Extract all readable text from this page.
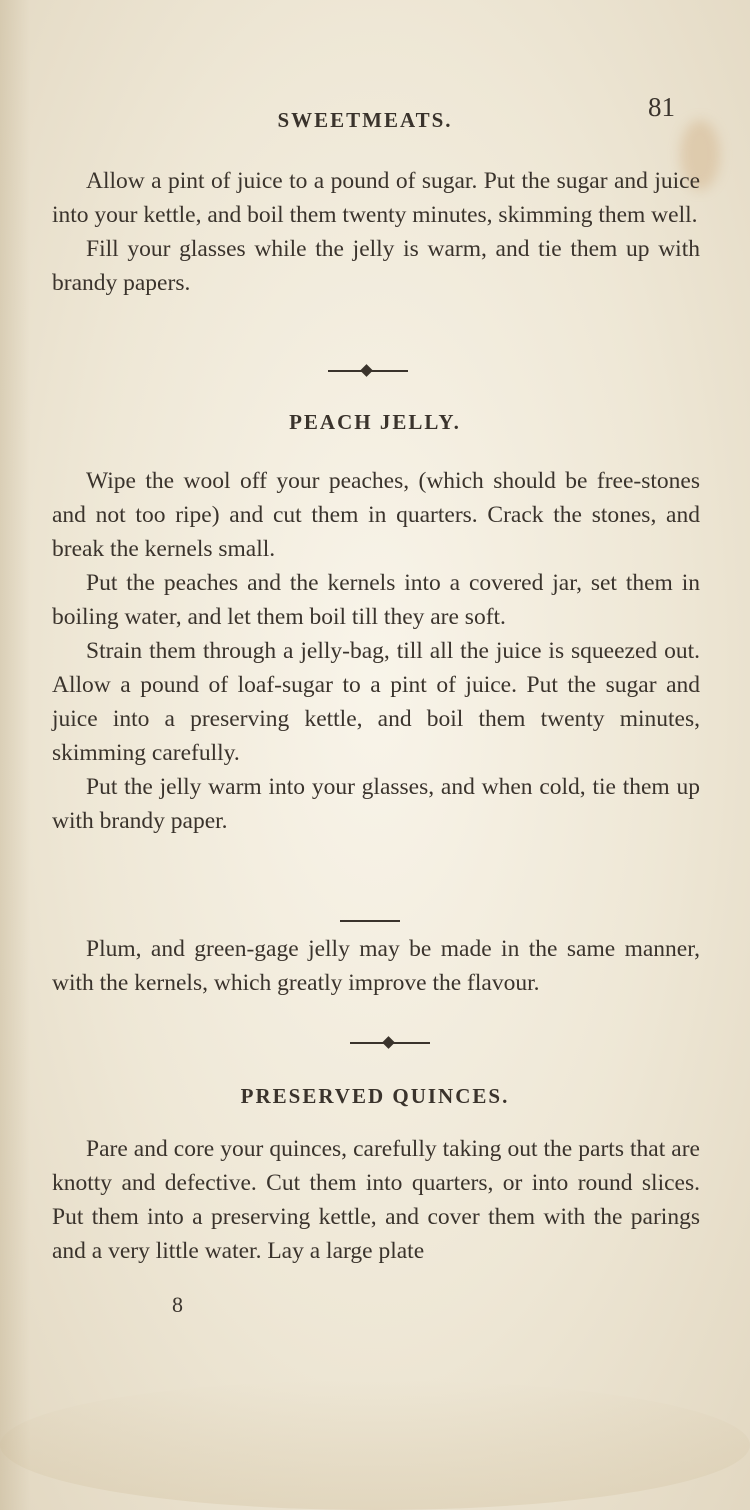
SWEETMEATS.	81

Allow a pint of juice to a pound of sugar. Put the sugar and juice into your kettle, and boil them twenty minutes, skimming them well.

Fill your glasses while the jelly is warm, and tie them up with brandy papers.

PEACH JELLY.

Wipe the wool off your peaches, (which should be free-stones and not too ripe) and cut them in quarters. Crack the stones, and break the kernels small.

Put the peaches and the kernels into a covered jar, set them in boiling water, and let them boil till they are soft.

Strain them through a jelly-bag, till all the juice is squeezed out. Allow a pound of loaf-sugar to a pint of juice. Put the sugar and juice into a preserving kettle, and boil them twenty minutes, skimming carefully.

Put the jelly warm into your glasses, and when cold, tie them up with brandy paper.

Plum, and green-gage jelly may be made in the same manner, with the kernels, which greatly improve the flavour.

PRESERVED QUINCES.

Pare and core your quinces, carefully taking out the parts that are knotty and defective. Cut them into quarters, or into round slices. Put them into a preserving kettle, and cover them with the parings and a very little water. Lay a large plate

8
